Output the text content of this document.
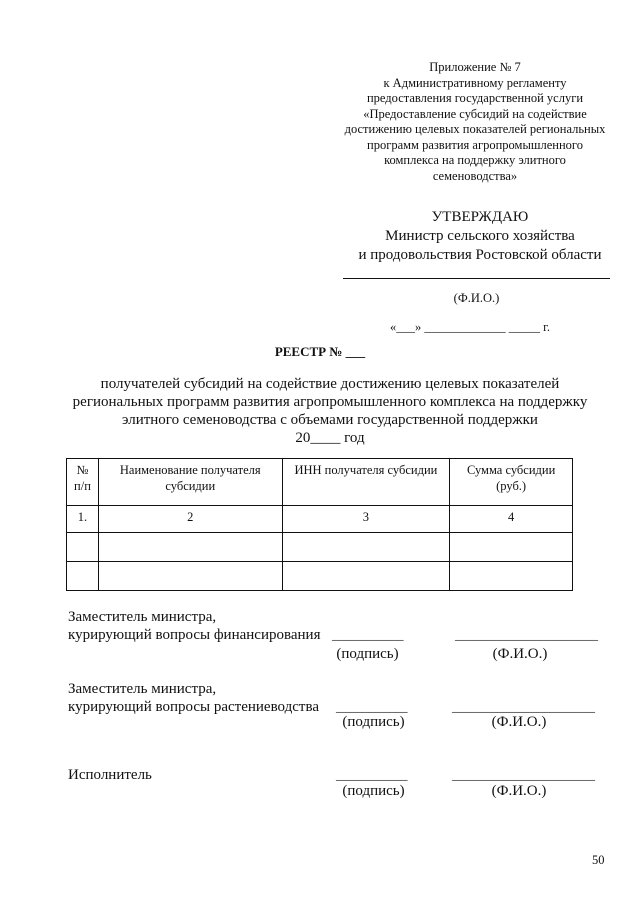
Приложение № 7
к Административному регламенту
предоставления государственной услуги
«Предоставление субсидий на содействие
достижению целевых показателей региональных
программ развития агропромышленного
комплекса на поддержку элитного
семеноводства»
УТВЕРЖДАЮ
Министр сельского хозяйства
и продовольствия Ростовской области
(Ф.И.О.)
«___» _____________ _____ г.
РЕЕСТР № ___
получателей субсидий на содействие достижению целевых показателей
региональных программ развития агропромышленного комплекса на поддержку
элитного семеноводства с объемами государственной поддержки
20____ год
№ п/п	Наименование получателя субсидии	ИНН получателя субсидии	Сумма субсидии (руб.)
1.	2	3	4

Заместитель министра,
курирующий вопросы финансирования ___________	______________________
(подпись)	(Ф.И.О.)
Заместитель министра,
курирующий вопросы растениеводства ___________	______________________
(подпись)	(Ф.И.О.)
Исполнитель	___________	______________________
(подпись)	(Ф.И.О.)
50
